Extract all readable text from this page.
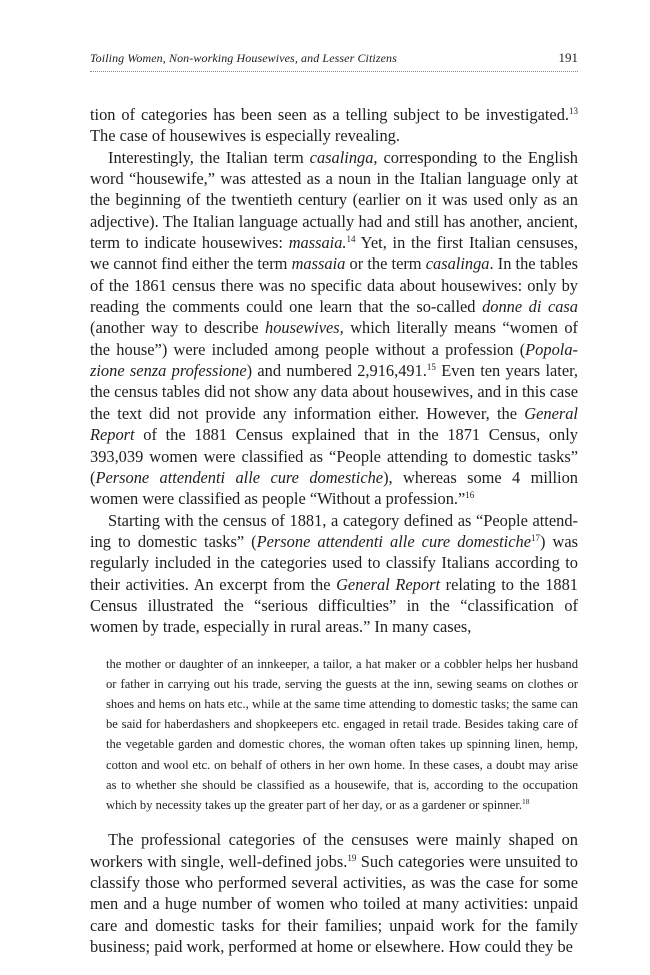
Toiling Women, Non-working Housewives, and Lesser Citizens	191

tion of categories has been seen as a telling subject to be investigated.$^{13}$ The case of housewives is especially revealing.

Interestingly, the Italian term casalinga, corresponding to the English word “housewife,” was attested as a noun in the Italian language only at the beginning of the twentieth century (earlier on it was used only as an adjective). The Italian language actually had and still has another, ancient, term to indicate housewives: massaia.$^{14}$ Yet, in the first Italian censuses, we cannot find either the term massaia or the term casalinga. In the tables of the 1861 census there was no specific data about housewives: only by reading the comments could one learn that the so-called donne di casa (another way to describe housewives, which literally means “women of the house”) were included among people without a profession (Popolazione senza professione) and numbered 2,916,491.15 Even ten years later, the census tables did not show any data about housewives, and in this case the text did not provide any information either. However, the General Report of the 1881 Census explained that in the 1871 Census, only 393,039 women were classified as “People attending to domestic tasks” (Persone attendenti alle cure domestiche), whereas some 4 million women were classified as people “Without a profession.”$^{16}$

Starting with the census of 1881, a category defined as “People attending to domestic tasks” (Persone attendenti alle cure domestiche$^{17}$) was regularly included in the categories used to classify Italians according to their activities. An excerpt from the General Report relating to the 1881 Census illustrated the “serious difficulties” in the “classification of women by trade, especially in rural areas.” In many cases,

the mother or daughter of an innkeeper, a tailor, a hat maker or a cobbler helps her husband or father in carrying out his trade, serving the guests at the inn, sewing seams on clothes or shoes and hems on hats etc., while at the same time attending to domestic tasks; the same can be said for haberdashers and shopkeepers etc. engaged in retail trade. Besides taking care of the vegetable garden and domestic chores, the woman often takes up spinning linen, hemp, cotton and wool etc. on behalf of others in her own home. In these cases, a doubt may arise as to whether she should be classified as a housewife, that is, according to the occupation which by necessity takes up the greater part of her day, or as a gardener or spinner.$^{18}$

The professional categories of the censuses were mainly shaped on workers with single, well-defined jobs.$^{19}$ Such categories were unsuited to classify those who performed several activities, as was the case for some men and a huge number of women who toiled at many activities: unpaid care and domestic tasks for their families; unpaid work for the family business; paid work, performed at home or elsewhere. How could they be
